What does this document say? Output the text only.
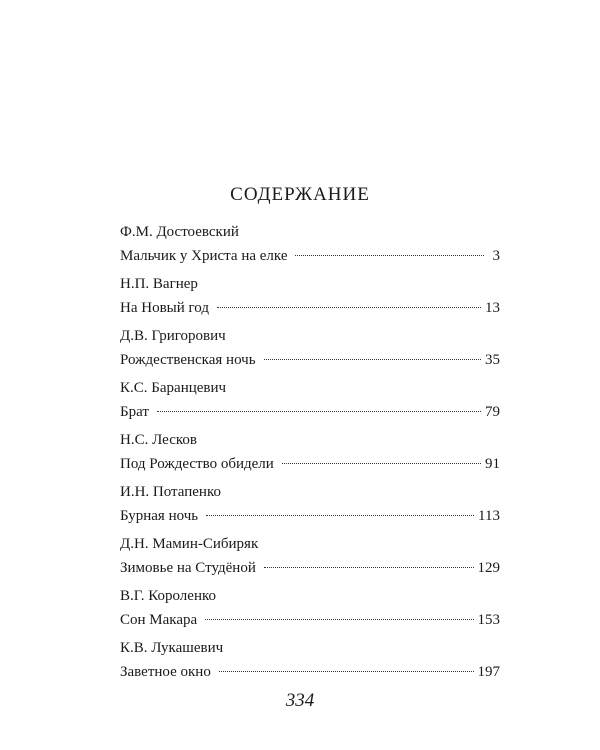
СОДЕРЖАНИЕ
Ф.М. Достоевский
Мальчик у Христа на елке	3
Н.П. Вагнер
На Новый год	13
Д.В. Григорович
Рождественская ночь	35
К.С. Баранцевич
Брат	79
Н.С. Лесков
Под Рождество обидели	91
И.Н. Потапенко
Бурная ночь	113
Д.Н. Мамин-Сибиряк
Зимовье на Студёной	129
В.Г. Короленко
Сон Макара	153
К.В. Лукашевич
Заветное окно	197
334
